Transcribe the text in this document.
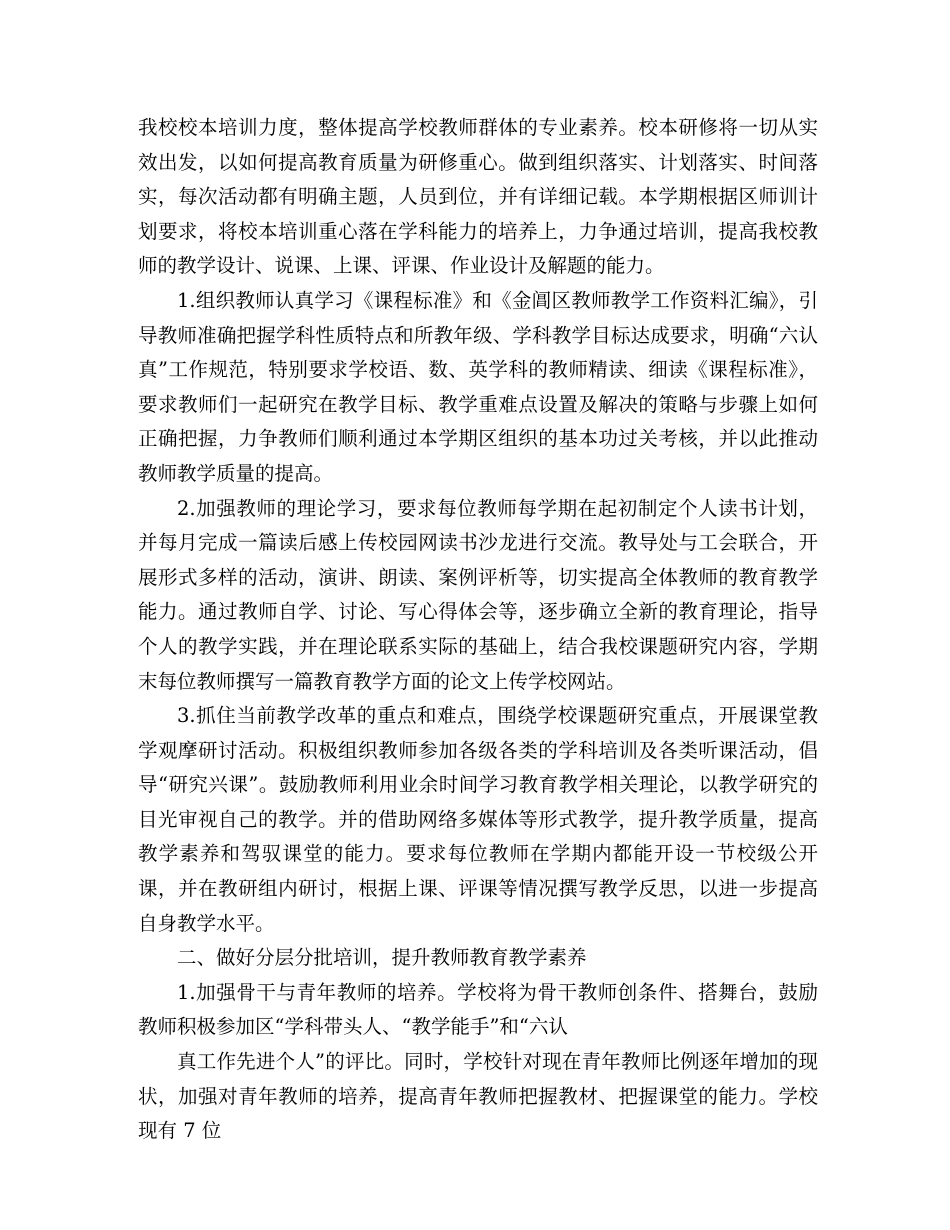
我校校本培训力度，整体提高学校教师群体的专业素养。校本研修将一切从实效出发，以如何提高教育质量为研修重心。做到组织落实、计划落实、时间落实，每次活动都有明确主题，人员到位，并有详细记载。本学期根据区师训计划要求，将校本培训重心落在学科能力的培养上，力争通过培训，提高我校教师的教学设计、说课、上课、评课、作业设计及解题的能力。

1.组织教师认真学习《课程标准》和《金阊区教师教学工作资料汇编》，引导教师准确把握学科性质特点和所教年级、学科教学目标达成要求，明确“六认真”工作规范，特别要求学校语、数、英学科的教师精读、细读《课程标准》，要求教师们一起研究在教学目标、教学重难点设置及解决的策略与步骤上如何正确把握，力争教师们顺利通过本学期区组织的基本功过关考核，并以此推动教师教学质量的提高。

2.加强教师的理论学习，要求每位教师每学期在起初制定个人读书计划，并每月完成一篇读后感上传校园网读书沙龙进行交流。教导处与工会联合，开展形式多样的活动，演讲、朗读、案例评析等，切实提高全体教师的教育教学能力。通过教师自学、讨论、写心得体会等，逐步确立全新的教育理论，指导个人的教学实践，并在理论联系实际的基础上，结合我校课题研究内容，学期末每位教师撰写一篇教育教学方面的论文上传学校网站。

3.抓住当前教学改革的重点和难点，围绕学校课题研究重点，开展课堂教学观摩研讨活动。积极组织教师参加各级各类的学科培训及各类听课活动，倡导“研究兴课”。鼓励教师利用业余时间学习教育教学相关理论，以教学研究的目光审视自己的教学。并的借助网络多媒体等形式教学，提升教学质量，提高教学素养和驾驭课堂的能力。要求每位教师在学期内都能开设一节校级公开课，并在教研组内研讨，根据上课、评课等情况撰写教学反思，以进一步提高自身教学水平。

二、做好分层分批培训，提升教师教育教学素养

1.加强骨干与青年教师的培养。学校将为骨干教师创条件、搭舞台，鼓励教师积极参加区“学科带头人、“教学能手”和“六认

真工作先进个人”的评比。同时，学校针对现在青年教师比例逐年增加的现状，加强对青年教师的培养，提高青年教师把握教材、把握课堂的能力。学校现有 7 位
